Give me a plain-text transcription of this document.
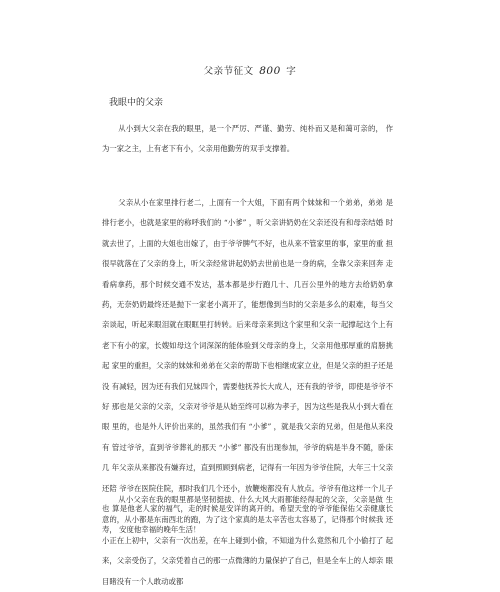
父亲节征文 800 字
我眼中的父亲

从小到大父亲在我的眼里，是一个严厉、严谨、勤劳、纯朴而又是和蔼可亲的， 作为一家之主，上有老下有小，父亲用他勤劳的双手支撑着。

父亲从小在家里排行老二，上面有一个大姐，下面有两个妹妹和一个弟弟，弟弟 是排行老小，也就是家里的称呼我们的 “小爹” ，听父亲讲奶奶在父亲还没有和母亲结婚 时就去世了，上面的大姐也出嫁了，由于爷爷脾气不好，也从来不管家里的事，家里的重 担很早就落在了父亲的身上，听父亲经常讲起奶奶去世前也是一身的病，全靠父亲来回奔 走看病拿药，那个时候交通不发达，基本都是步行跑几十、几百公里外的地方去给奶奶拿 药，无奈奶奶最终还是抛下一家老小离开了，能想像到当时的父亲是多么的艰难，每当父 亲谈起，听起来眼泪就在眼眶里打转转。后来母亲来到这个家里和父亲一起撑起这个上有 老下有小的家，长嫂如母这个词深深的能体验到父母亲的身上，父亲用他那厚重的肩膀挑起 家里的重担，父亲的妹妹和弟弟在父亲的帮助下也相继成家立业，但是父亲的担子还是没 有减轻，因为还有我们兄妹四个，需要他抚养长大成人，还有我的爷爷，即使是爷爷不好 那也是父亲的父亲，父亲对爷爷是从始至终可以称为孝子，因为这些是我从小到大看在眼 里的，也是外人评价出来的，虽然我们有 “小爹” ，就是我父亲的兄弟，但是他从来没有 管过爷爷，直到爷爷葬礼的那天 “小爹” 都没有出现参加，爷爷的病是半身不随，卧床几 年父亲从来都没有嫌弃过，直到照顾到病老，记得有一年因为爷爷住院，大年三十父亲还陪 爷爷在医院住院，那时我们几个还小，放鞭炮都没有人放点。爷爷有他这样一个儿子也 算是他老人家的福气，走的时候是安详的离开的。希望天堂的爷爷能保佑父亲健康长寿， 安度他幸福的晚年生活！

从小父亲在我的眼里都是坚韧挺拔、什么大风大雨都能经得起的父亲，父亲是做 生意的，从小都是东南西北的跑，为了这个家真的是太辛苦也太容易了，记得那个时候我 还小正在上初中，父亲有一次出差，在车上碰到小偷，不知道为什么竟然和几个小偷打了 起来，父亲受伤了，父亲凭着自己的那一点微薄的力量保护了自己，但是全车上的人却亲 眼目睹没有一个人敢动或都
